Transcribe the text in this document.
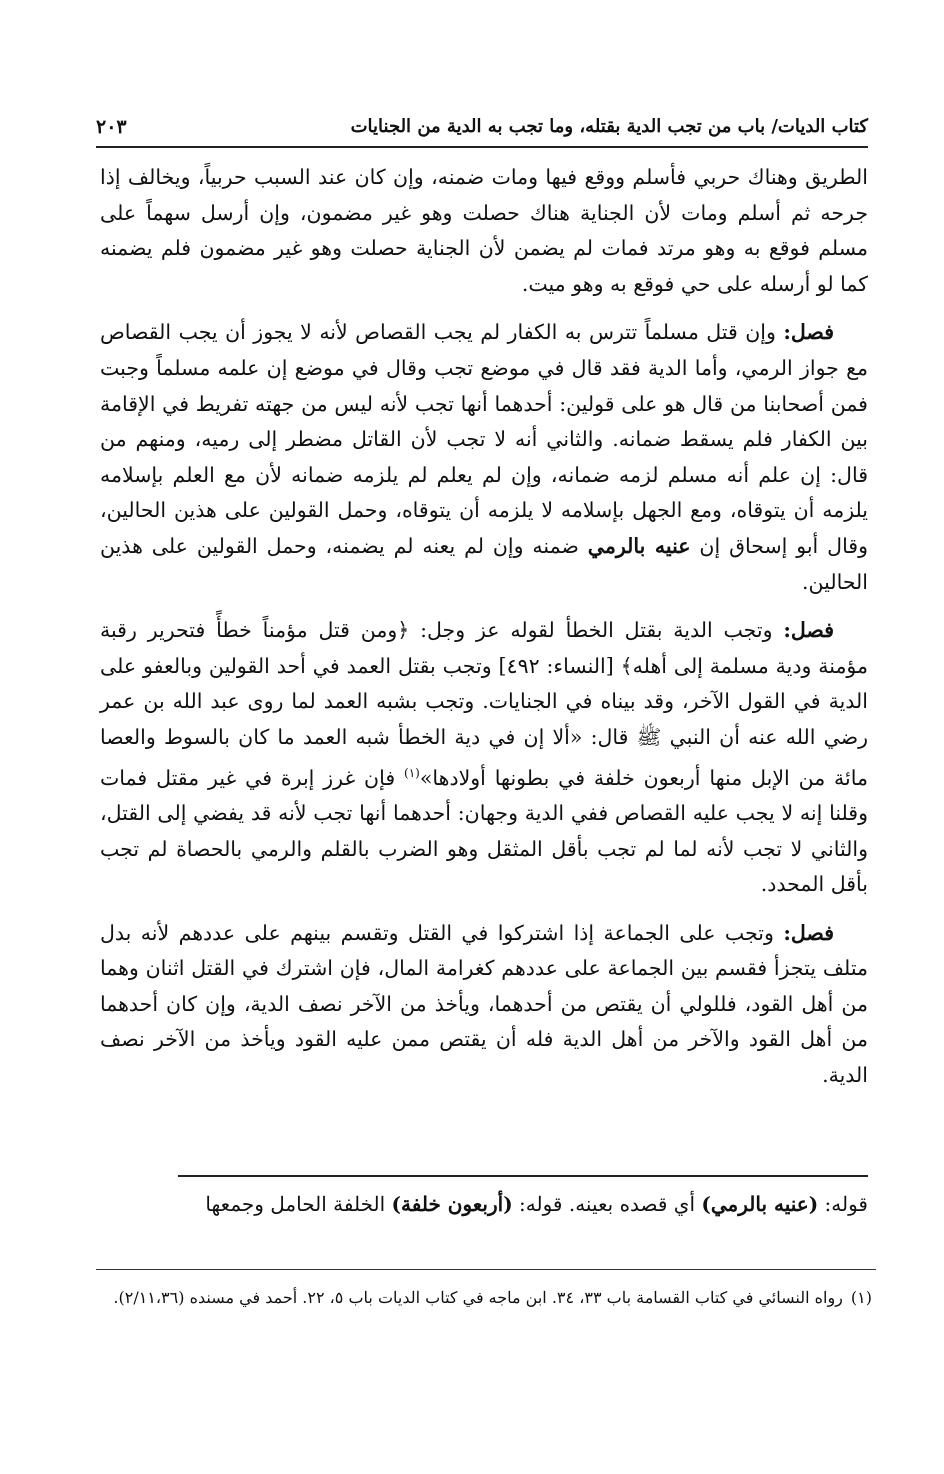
كتاب الديات/ باب من تجب الدية بقتله، وما تجب به الدية من الجنايات
٢٠٣

الطريق وهناك حربي فأسلم ووقع فيها ومات ضمنه، وإن كان عند السبب حربياً، ويخالف إذا جرحه ثم أسلم ومات لأن الجناية هناك حصلت وهو غير مضمون، وإن أرسل سهماً على مسلم فوقع به وهو مرتد فمات لم يضمن لأن الجناية حصلت وهو غير مضمون فلم يضمنه كما لو أرسله على حي فوقع به وهو ميت.

فصل: وإن قتل مسلماً تترس به الكفار لم يجب القصاص لأنه لا يجوز أن يجب القصاص مع جواز الرمي، وأما الدية فقد قال في موضع تجب وقال في موضع إن علمه مسلماً وجبت فمن أصحابنا من قال هو على قولين: أحدهما أنها تجب لأنه ليس من جهته تفريط في الإقامة بين الكفار فلم يسقط ضمانه. والثاني أنه لا تجب لأن القاتل مضطر إلى رميه، ومنهم من قال: إن علم أنه مسلم لزمه ضمانه، وإن لم يعلم لم يلزمه ضمانه لأن مع العلم بإسلامه يلزمه أن يتوقاه، ومع الجهل بإسلامه لا يلزمه أن يتوقاه، وحمل القولين على هذين الحالين، وقال أبو إسحاق إن عنيه بالرمي ضمنه وإن لم يعنه لم يضمنه، وحمل القولين على هذين الحالين.

فصل: وتجب الدية بقتل الخطأ لقوله عز وجل: ﴿ومن قتل مؤمناً خطأً فتحرير رقبة مؤمنة ودية مسلمة إلى أهله﴾ [النساء: ٤٩٢] وتجب بقتل العمد في أحد القولين وبالعفو على الدية في القول الآخر، وقد بيناه في الجنايات. وتجب بشبه العمد لما روى عبد الله بن عمر رضي الله عنه أن النبي ﷺ قال: «ألا إن في دية الخطأ شبه العمد ما كان بالسوط والعصا مائة من الإبل منها أربعون خلفة في بطونها أولادها»$^{(١)}$ فإن غرز إبرة في غير مقتل فمات وقلنا إنه لا يجب عليه القصاص ففي الدية وجهان: أحدهما أنها تجب لأنه قد يفضي إلى القتل، والثاني لا تجب لأنه لما لم تجب بأقل المثقل وهو الضرب بالقلم والرمي بالحصاة لم تجب بأقل المحدد.

فصل: وتجب على الجماعة إذا اشتركوا في القتل وتقسم بينهم على عددهم لأنه بدل متلف يتجزأ فقسم بين الجماعة على عددهم كغرامة المال، فإن اشترك في القتل اثنان وهما من أهل القود، فللولي أن يقتص من أحدهما، ويأخذ من الآخر نصف الدية، وإن كان أحدهما من أهل القود والآخر من أهل الدية فله أن يقتص ممن عليه القود ويأخذ من الآخر نصف الدية.

قوله: (عنيه بالرمي) أي قصده بعينه. قوله: (أربعون خلفة) الخلفة الحامل وجمعها
(١)رواه النسائي في كتاب القسامة باب ٣٣، ٣٤. ابن ماجه في كتاب الديات باب ٥، ٢٢. أحمد في مسنده (٢/١١،٣٦).
